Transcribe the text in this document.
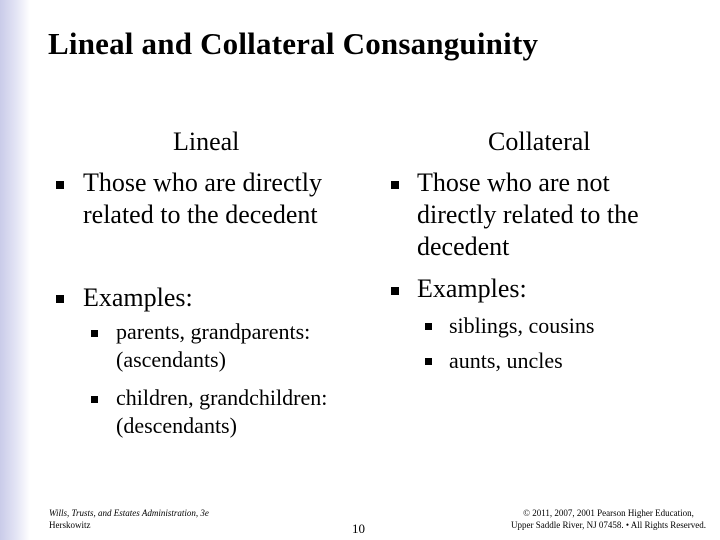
Lineal and Collateral Consanguinity
Lineal
Those who are directly
related to the decedent
Examples:
parents, grandparents:
(ascendants)
children, grandchildren:
(descendants)
Collateral
Those who are not
directly related to the
decedent
Examples:
siblings, cousins
aunts, uncles
Wills, Trusts, and Estates Administration, 3e
Herskowitz	10
© 2011, 2007, 2001 Pearson Higher Education,
Upper Saddle River, NJ 07458. • All Rights Reserved.
